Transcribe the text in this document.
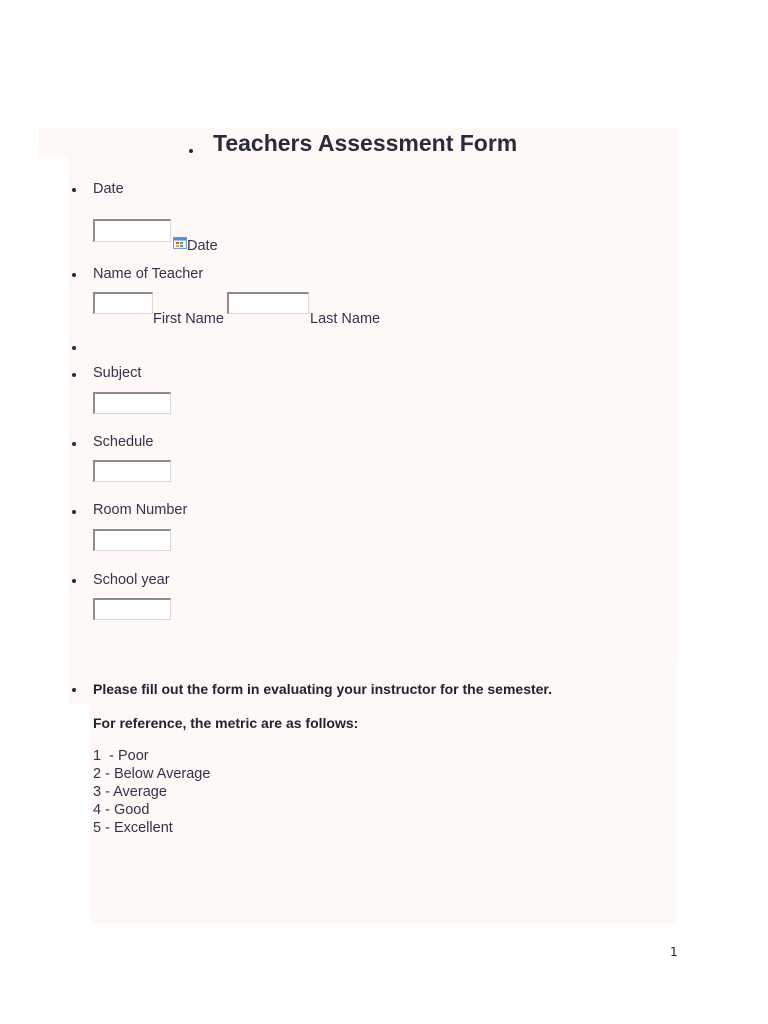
Teachers Assessment Form
Date
Date
Name of Teacher
First Name	Last Name
Subject
Schedule
Room Number
School year
Please fill out the form in evaluating your instructor for the semester.
For reference, the metric are as follows:
1  - Poor
2 - Below Average
3 - Average
4 - Good
5 - Excellent
1
